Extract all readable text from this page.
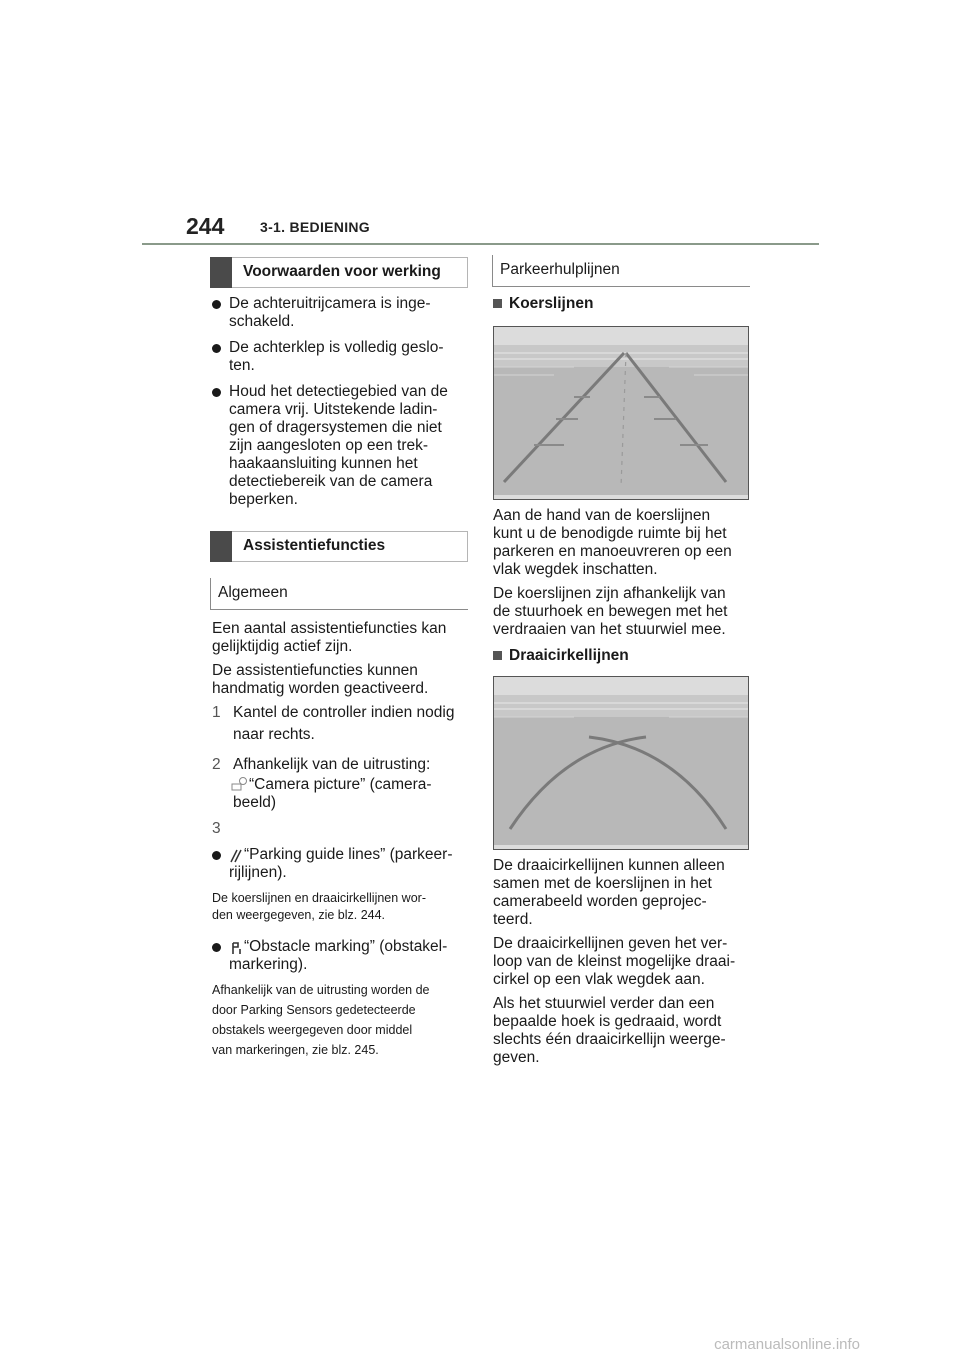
244	3-1. BEDIENING
Voorwaarden voor werking

De achteruitrijcamera is inge-
schakeld.

De achterklep is volledig geslo-
ten.

Houd het detectiegebied van de
camera vrij. Uitstekende ladin-
gen of dragersystemen die niet
zijn aangesloten op een trek-
haakaansluiting kunnen het
detectiebereik van de camera
beperken.

Assistentiefuncties
Algemeen

Een aantal assistentiefuncties kan
gelijktijdig actief zijn.

De assistentiefuncties kunnen
handmatig worden geactiveerd.

1 Kantel de controller indien nodig

naar rechts.

2 Afhankelijk van de uitrusting:

“Camera picture” (camera-
beeld)

3

“Parking guide lines” (parkeer-
rijlijnen).

De koerslijnen en draaicirkellijnen wor-
den weergegeven, zie blz. 244.

“Obstacle marking” (obstakel-
markering).

Afhankelijk van de uitrusting worden de
door Parking Sensors gedetecteerde
obstakels weergegeven door middel
van markeringen, zie blz. 245.

Parkeerhulplijnen
Koerslijnen

Aan de hand van de koerslijnen
kunt u de benodigde ruimte bij het
parkeren en manoeuvreren op een
vlak wegdek inschatten.

De koerslijnen zijn afhankelijk van
de stuurhoek en bewegen met het
verdraaien van het stuurwiel mee.

Draaicirkellijnen

De draaicirkellijnen kunnen alleen
samen met de koerslijnen in het
camerabeeld worden geprojec-
teerd.

De draaicirkellijnen geven het ver-
loop van de kleinst mogelijke draai-
cirkel op een vlak wegdek aan.

Als het stuurwiel verder dan een
bepaalde hoek is gedraaid, wordt
slechts één draaicirkellijn weerge-
geven.

carmanualsonline.info
